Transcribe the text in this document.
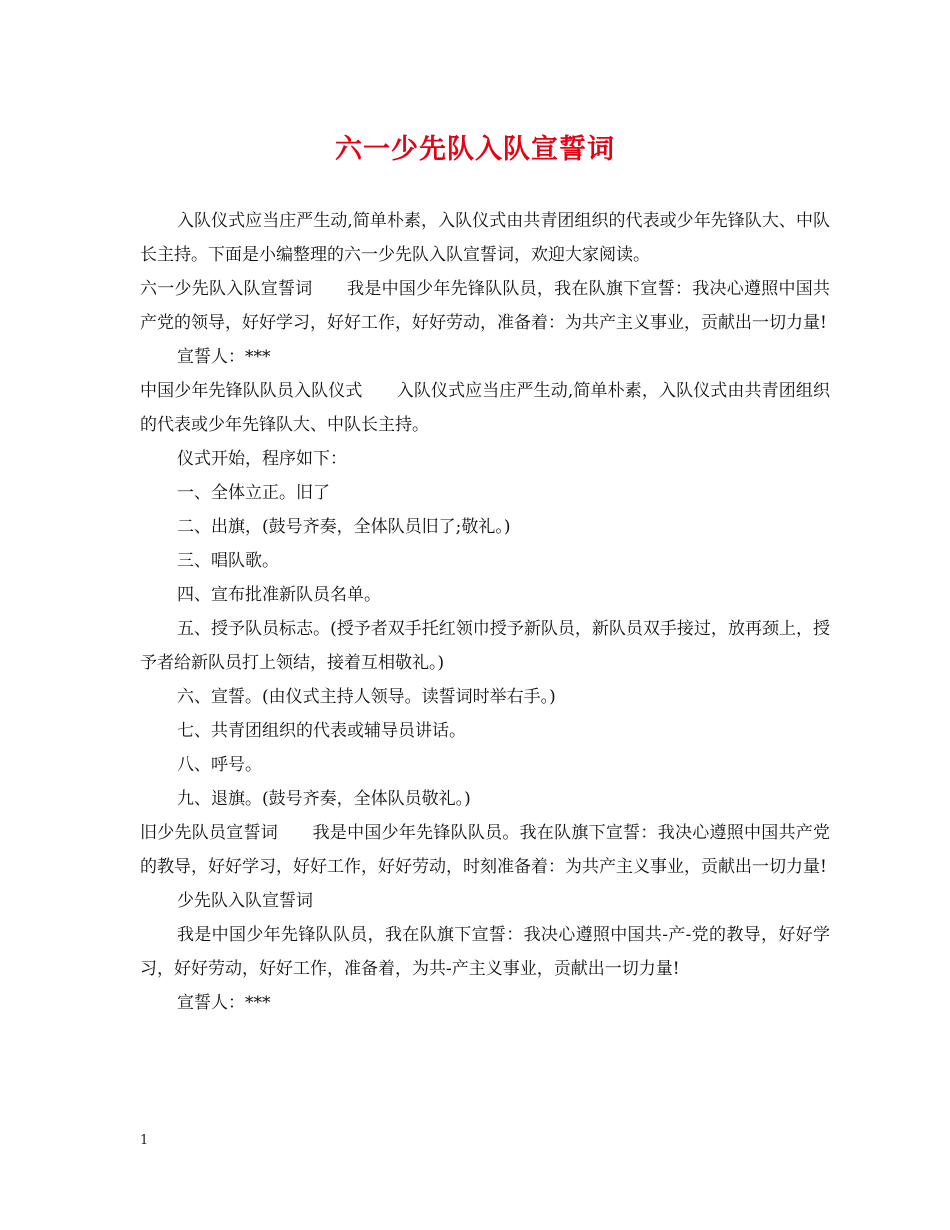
六一少先队入队宣誓词

入队仪式应当庄严生动,简单朴素，入队仪式由共青团组织的代表或少年先锋队大、中队长主持。下面是小编整理的六一少先队入队宣誓词，欢迎大家阅读。

六一少先队入队宣誓词　　我是中国少年先锋队队员，我在队旗下宣誓：我决心遵照中国共产党的领导，好好学习，好好工作，好好劳动，准备着：为共产主义事业，贡献出一切力量!

宣誓人：***

中国少年先锋队队员入队仪式　　入队仪式应当庄严生动,简单朴素，入队仪式由共青团组织的代表或少年先锋队大、中队长主持。

仪式开始，程序如下：

一、全体立正。旧了

二、出旗，(鼓号齐奏，全体队员旧了;敬礼。)

三、唱队歌。

四、宣布批准新队员名单。

五、授予队员标志。(授予者双手托红领巾授予新队员，新队员双手接过，放再颈上，授予者给新队员打上领结，接着互相敬礼。)

六、宣誓。(由仪式主持人领导。读誓词时举右手。)

七、共青团组织的代表或辅导员讲话。

八、呼号。

九、退旗。(鼓号齐奏，全体队员敬礼。)

旧少先队员宣誓词　　我是中国少年先锋队队员。我在队旗下宣誓：我决心遵照中国共产党的教导，好好学习，好好工作，好好劳动，时刻准备着：为共产主义事业，贡献出一切力量!

少先队入队宣誓词

我是中国少年先锋队队员，我在队旗下宣誓：我决心遵照中国共-产-党的教导，好好学习，好好劳动，好好工作，准备着，为共-产主义事业，贡献出一切力量!

宣誓人：***

1
